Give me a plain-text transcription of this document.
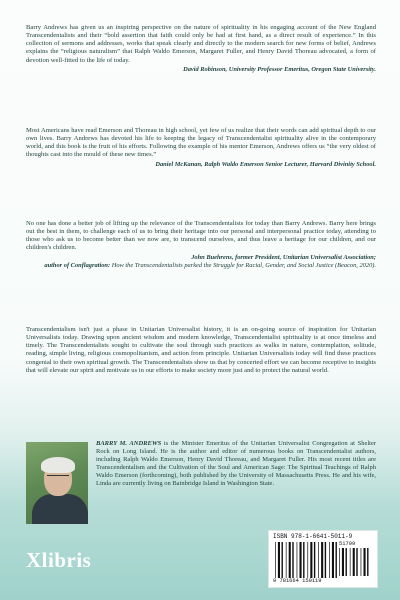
Barry Andrews has given us an inspiring perspective on the nature of spirituality in his engaging account of the New England Transcendentalists and their “bold assertion that faith could only be had at first hand, as a direct result of experience.” In this collection of sermons and addresses, works that speak clearly and directly to the modern search for new forms of belief, Andrews explains the “religious naturalism” that Ralph Waldo Emerson, Margaret Fuller, and Henry David Thoreau advocated, a form of devotion well-fitted to the life of today.

David Robinson, University Professor Emeritus, Oregon State University.

Most Americans have read Emerson and Thoreau in high school, yet few of us realize that their words can add spiritual depth to our own lives. Barry Andrews has devoted his life to keeping the legacy of Transcendentalist spirituality alive in the contemporary world, and this book is the fruit of his efforts. Following the example of his mentor Emerson, Andrews offers us “the very oldest of thoughts cast into the mould of these new times.”

Daniel McKanan, Ralph Waldo Emerson Senior Lecturer, Harvard Divinity School.

No one has done a better job of lifting up the relevance of the Transcendentalists for today than Barry Andrews. Barry here brings out the best in them, to challenge each of us to bring their heritage into our personal and interpersonal practice today, attending to those who ask us to become better than we now are, to transcend ourselves, and thus leave a heritage for our children, and our children's children.

John Buehrens, former President, Unitarian Universalist Association;
author of Conflagration: How the Transcendentalists parked the Struggle for Racial, Gender, and Social Justice (Beacon, 2020).

Transcendentalism isn't just a phase in Unitarian Universalist history, it is an on-going source of inspiration for Unitarian Universalists today. Drawing upon ancient wisdom and modern knowledge, Transcendentalist spirituality is at once timeless and timely. The Transcendentalists sought to cultivate the soul through such practices as walks in nature, contemplation, solitude, reading, simple living, religious cosmopolitanism, and action from principle. Unitarian Universalists today will find these practices congenial to their own spiritual growth. The Transcendentalists show us that by concerted effort we can become receptive to insights that will elevate our spirit and motivate us in our efforts to make society more just and to protect the natural world.

BARRY M. ANDREWS is the Minister Emeritus of the Unitarian Universalist Congregation at Shelter Rock on Long Island. He is the author and editor of numerous books on Transcendentalist authors, including Ralph Waldo Emerson, Henry David Thoreau, and Margaret Fuller. His most recent titles are Transcendentalism and the Cultivation of the Soul and American Sage: The Spiritual Teachings of Ralph Waldo Emerson (forthcoming), both published by the University of Massachusetts Press. He and his wife, Linda are currently living on Bainbridge Island in Washington State.
Xlibris
ISBN 978-1-6641-5011-9
51799
9 781664 150119
